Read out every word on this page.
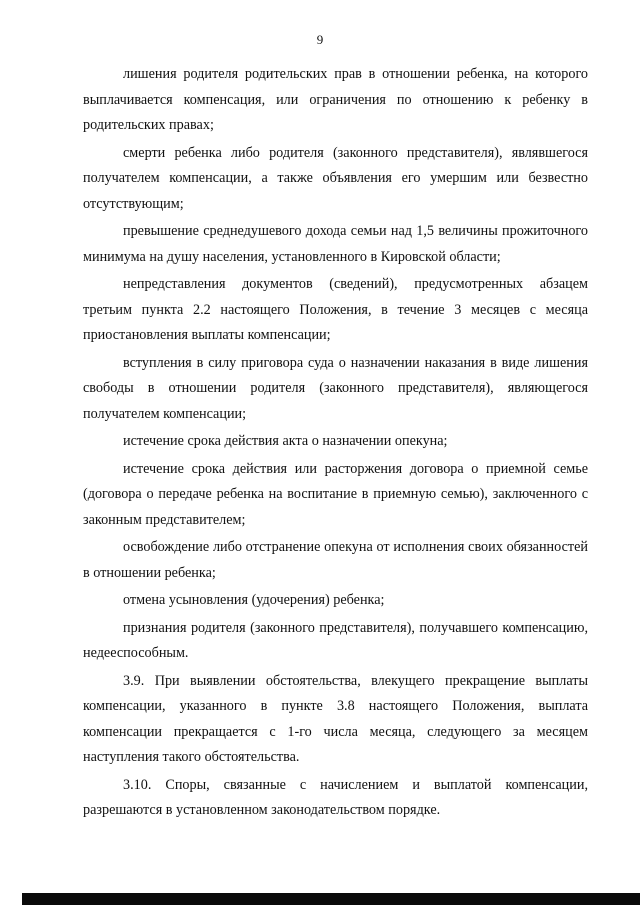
9

лишения родителя родительских прав в отношении ребенка, на которого выплачивается компенсация, или ограничения по отношению к ребенку в родительских правах;

смерти ребенка либо родителя (законного представителя), являвшегося получателем компенсации, а также объявления его умершим или безвестно отсутствующим;

превышение среднедушевого дохода семьи над 1,5 величины прожиточного минимума на душу населения, установленного в Кировской области;

непредставления документов (сведений), предусмотренных абзацем третьим пункта 2.2 настоящего Положения, в течение 3 месяцев с месяца приостановления выплаты компенсации;

вступления в силу приговора суда о назначении наказания в виде лишения свободы в отношении родителя (законного представителя), являющегося получателем компенсации;

истечение срока действия акта о назначении опекуна;

истечение срока действия или расторжения договора о приемной семье (договора о передаче ребенка на воспитание в приемную семью), заключенного с законным представителем;

освобождение либо отстранение опекуна от исполнения своих обязанностей в отношении ребенка;

отмена усыновления (удочерения) ребенка;

признания родителя (законного представителя), получавшего компенсацию, недееспособным.

3.9. При выявлении обстоятельства, влекущего прекращение выплаты компенсации, указанного в пункте 3.8 настоящего Положения, выплата компенсации прекращается с 1-го числа месяца, следующего за месяцем наступления такого обстоятельства.

3.10. Споры, связанные с начислением и выплатой компенсации, разрешаются в установленном законодательством порядке.
